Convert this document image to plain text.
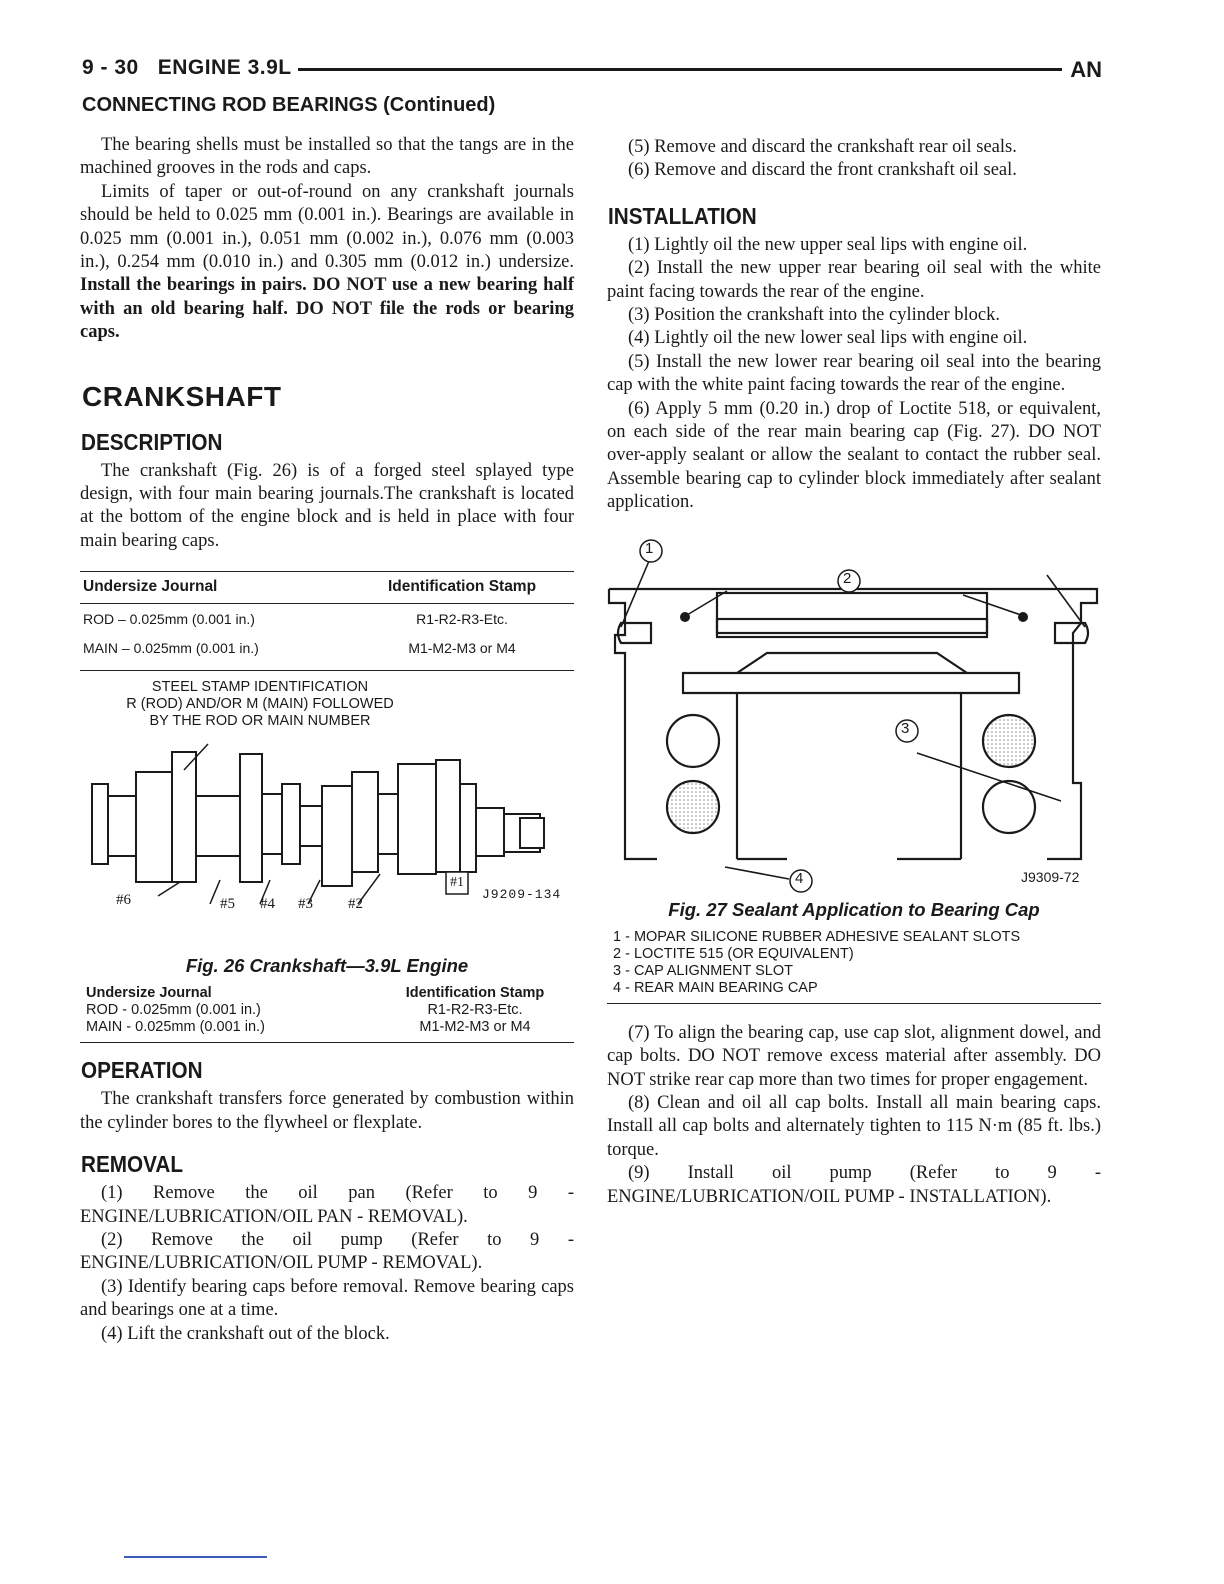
9 - 30 ENGINE 3.9L	AN
CONNECTING ROD BEARINGS (Continued)

The bearing shells must be installed so that the tangs are in the machined grooves in the rods and caps.

Limits of taper or out-of-round on any crankshaft journals should be held to 0.025 mm (0.001 in.). Bearings are available in 0.025 mm (0.001 in.), 0.051 mm (0.002 in.), 0.076 mm (0.003 in.), 0.254 mm (0.010 in.) and 0.305 mm (0.012 in.) undersize. Install the bearings in pairs. DO NOT use a new bearing half with an old bearing half. DO NOT file the rods or bearing caps.

CRANKSHAFT
DESCRIPTION

The crankshaft (Fig. 26) is of a forged steel splayed type design, with four main bearing journals.The crankshaft is located at the bottom of the engine block and is held in place with four main bearing caps.

Undersize Journal	Identification Stamp
ROD – 0.025mm (0.001 in.)	R1-R2-R3-Etc.
MAIN – 0.025mm (0.001 in.)	M1-M2-M3 or M4
STEEL STAMP IDENTIFICATION
R (ROD) AND/OR M (MAIN) FOLLOWED
BY THE ROD OR MAIN NUMBER
#6	#5 #4 #3 #2
#1
J9209-134
Fig. 26 Crankshaft—3.9L Engine
Undersize Journal	Identification Stamp
ROD - 0.025mm (0.001 in.)	R1-R2-R3-Etc.
MAIN - 0.025mm (0.001 in.)	M1-M2-M3 or M4
OPERATION

The crankshaft transfers force generated by combustion within the cylinder bores to the flywheel or flexplate.

REMOVAL

(1) Remove the oil pan (Refer to 9 - ENGINE/LUBRICATION/OIL PAN - REMOVAL).

(2) Remove the oil pump (Refer to 9 - ENGINE/LUBRICATION/OIL PUMP - REMOVAL).

(3) Identify bearing caps before removal. Remove bearing caps and bearings one at a time.

(4) Lift the crankshaft out of the block.

(5) Remove and discard the crankshaft rear oil seals.

(6) Remove and discard the front crankshaft oil seal.

INSTALLATION

(1) Lightly oil the new upper seal lips with engine oil.

(2) Install the new upper rear bearing oil seal with the white paint facing towards the rear of the engine.

(3) Position the crankshaft into the cylinder block.

(4) Lightly oil the new lower seal lips with engine oil.

(5) Install the new lower rear bearing oil seal into the bearing cap with the white paint facing towards the rear of the engine.

(6) Apply 5 mm (0.20 in.) drop of Loctite 518, or equivalent, on each side of the rear main bearing cap (Fig. 27). DO NOT over-apply sealant or allow the sealant to contact the rubber seal. Assemble bearing cap to cylinder block immediately after sealant application.

1
2
3
4	J9309-72
Fig. 27 Sealant Application to Bearing Cap
1 - MOPAR SILICONE RUBBER ADHESIVE SEALANT SLOTS
2 - LOCTITE 515 (OR EQUIVALENT)
3 - CAP ALIGNMENT SLOT
4 - REAR MAIN BEARING CAP

(7) To align the bearing cap, use cap slot, alignment dowel, and cap bolts. DO NOT remove excess material after assembly. DO NOT strike rear cap more than two times for proper engagement.

(8) Clean and oil all cap bolts. Install all main bearing caps. Install all cap bolts and alternately tighten to 115 N·m (85 ft. lbs.) torque.

(9) Install oil pump (Refer to 9 - ENGINE/LUBRICATION/OIL PUMP - INSTALLATION).
